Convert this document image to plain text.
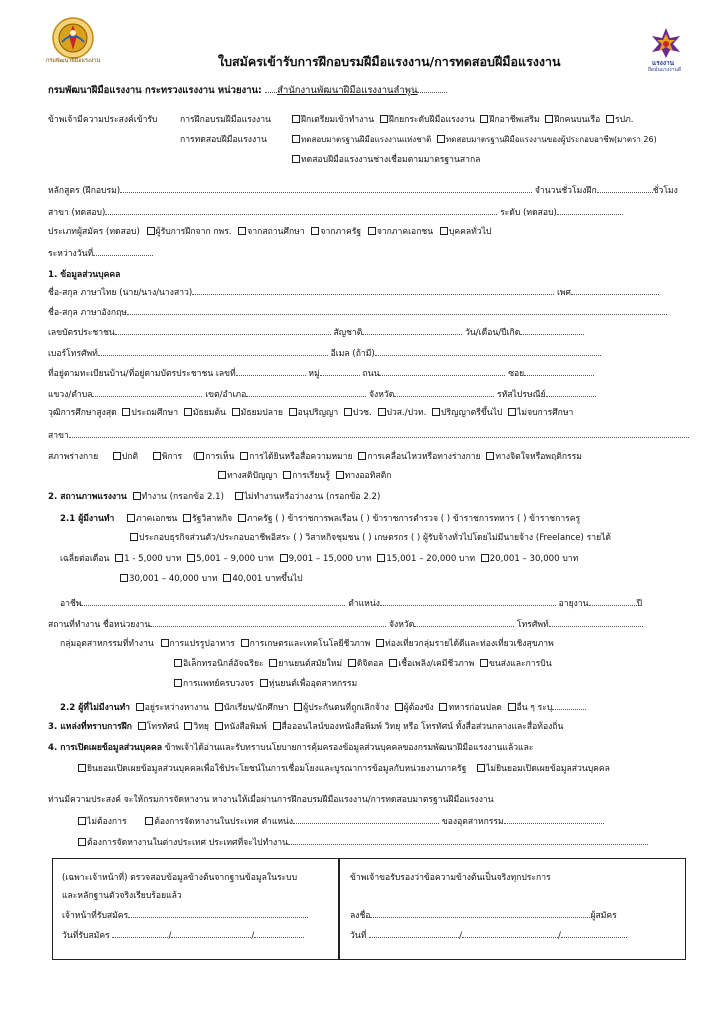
กรมพัฒนาฝีมือแรงงาน	ใบสมัครเข้ารับการฝึกอบรมฝีมือแรงงาน/การทดสอบฝีมือแรงงาน	แรงงาน
ยึดมั่นแรงงานดี
กรมพัฒนาฝีมือแรงงาน กระทรวงแรงงาน หน่วยงาน: สำนักงานพัฒนาฝีมือแรงงานลำพูน
ข้าพเจ้ามีความประสงค์เข้ารับ	การฝึกอบรมฝีมือแรงงาน	ฝึกเตรียมเข้าทำงาน ฝึกยกระดับฝีมือแรงงาน ฝึกอาชีพเสริม ฝึกคนบนเรือ รปภ.
การทดสอบฝีมือแรงงาน	ทดสอบมาตรฐานฝีมือแรงงานแห่งชาติ ทดสอบมาตรฐานฝีมือแรงงานของผู้ประกอบอาชีพ(มาตรา 26)
ทดสอบฝีมือแรงงานช่างเชื่อมตามมาตรฐานสากล
หลักสูตร (ฝึกอบรม)	จำนวนชั่วโมงฝึก	ชั่วโมง
สาขา (ทดสอบ)	ระดับ (ทดสอบ)
ประเภทผู้สมัคร (ทดสอบ) ผู้รับการฝึกจาก กพร. จากสถานศึกษา จากภาครัฐ จากภาคเอกชน บุคคลทั่วไป
ระหว่างวันที่
1. ข้อมูลส่วนบุคคล
ชื่อ-สกุล ภาษาไทย (นาย/นาง/นางสาว)	เพศ
ชื่อ-สกุล ภาษาอังกฤษ
เลขบัตรประชาชน	สัญชาติ	วัน/เดือน/ปีเกิด
เบอร์โทรศัพท์	อีเมล (ถ้ามี)
ที่อยู่ตามทะเบียนบ้าน/ที่อยู่ตามบัตรประชาชน เลขที่	หมู่	ถนน	ซอย
แขวง/ตำบล	เขต/อำเภอ	จังหวัด	รหัสไปรษณีย์
วุฒิการศึกษาสูงสุด ประถมศึกษา มัธยมต้น มัธยมปลาย อนุปริญญา ปวช. ปวส./ปวท. ปริญญาตรีขึ้นไป ไม่จบการศึกษา
สาขา
สภาพร่างกาย	ปกติ	พิการ ( การเห็น การได้ยินหรือสื่อความหมาย การเคลื่อนไหวหรือทางร่างกาย ทางจิตใจหรือพฤติกรรม
ทางสติปัญญา การเรียนรู้ ทางออทิสติก
2. สถานภาพแรงงาน ทำงาน (กรอกข้อ 2.1) ไม่ทำงานหรือว่างงาน (กรอกข้อ 2.2)
2.1 ผู้มีงานทำ	ภาคเอกชน รัฐวิสาหกิจ ภาครัฐ ( ) ข้าราชการพลเรือน ( ) ข้าราชการตำรวจ ( ) ข้าราชการทหาร ( ) ข้าราชการครู
ประกอบธุรกิจส่วนตัว/ประกอบอาชีพอิสระ ( ) วิสาหกิจชุมชน ( ) เกษตรกร ( ) ผู้รับจ้างทั่วไปโดยไม่มีนายจ้าง (Freelance) รายได้
เฉลี่ยต่อเดือน 1 - 5,000 บาท 5,001 – 9,000 บาท 9,001 – 15,000 บาท 15,001 – 20,000 บาท 20,001 – 30,000 บาท
30,001 – 40,000 บาท 40,001 บาทขึ้นไป
อาชีพ	ตำแหน่ง	อายุงาน	ปี
สถานที่ทำงาน ชื่อหน่วยงาน	จังหวัด	โทรศัพท์
กลุ่มอุตสาหกรรมที่ทำงาน การแปรรูปอาหาร การเกษตรและเทคโนโลยีชีวภาพ ท่องเที่ยวกลุ่มรายได้ดีและท่องเที่ยวเชิงสุขภาพ
อิเล็กทรอนิกส์อัจฉริยะ ยานยนต์สมัยใหม่ ดิจิตอล เชื้อเพลิง/เคมีชีวภาพ ขนส่งและการบิน
การแพทย์ครบวงจร หุ่นยนต์เพื่ออุตสาหกรรม
2.2 ผู้ที่ไม่มีงานทำ อยู่ระหว่างหางาน นักเรียน/นักศึกษา ผู้ประกันตนที่ถูกเลิกจ้าง ผู้ต้องขัง ทหารก่อนปลด อื่น ๆ ระบุ
3. แหล่งที่ทราบการฝึก โทรทัศน์ วิทยุ หนังสือพิมพ์ สื่อออนไลน์ของหนังสือพิมพ์ วิทยุ หรือ โทรทัศน์ ทั้งสื่อส่วนกลางและสื่อท้องถิ่น
4. การเปิดเผยข้อมูลส่วนบุคคล ข้าพเจ้าได้อ่านและรับทราบนโยบายการคุ้มครองข้อมูลส่วนบุคคลของกรมพัฒนาฝีมือแรงงานแล้วและ
ยินยอมเปิดเผยข้อมูลส่วนบุคคลเพื่อใช้ประโยชน์ในการเชื่อมโยงและบูรณาการข้อมูลกับหน่วยงานภาครัฐ ไม่ยินยอมเปิดเผยข้อมูลส่วนบุคคล
ท่านมีความประสงค์ จะให้กรมการจัดหางาน หางานให้เมื่อผ่านการฝึกอบรมฝีมือแรงงาน/การทดสอบมาตรฐานฝีมือแรงงาน
ไม่ต้องการ	ต้องการจัดหางานในประเทศ ตำแหน่ง	ของอุตสาหกรรม
ต้องการจัดหางานในต่างประเทศ ประเทศที่จะไปทำงาน
(เฉพาะเจ้าหน้าที่) ตรวจสอบข้อมูลข้างต้นจากฐานข้อมูลในระบบ
และหลักฐานตัวจริงเรียบร้อยแล้ว
เจ้าหน้าที่รับสมัคร
วันที่รับสมัคร	/	/
ข้าพเจ้าขอรับรองว่าข้อความข้างต้นเป็นจริงทุกประการ
ลงชื่อ	ผู้สมัคร
วันที่	/	/
